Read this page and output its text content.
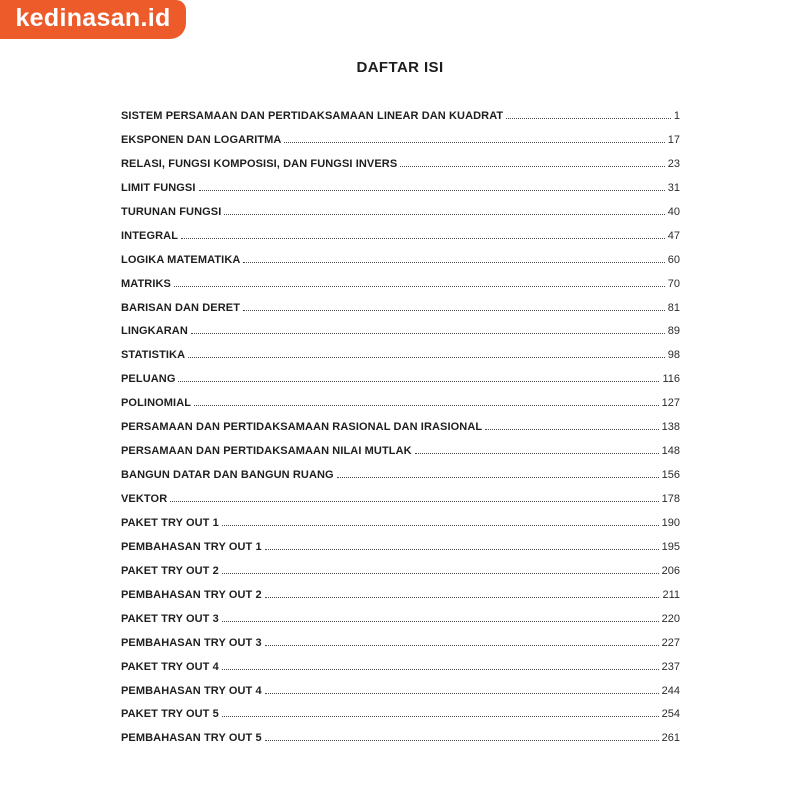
kedinasan.id
DAFTAR ISI
SISTEM PERSAMAAN DAN PERTIDAKSAMAAN LINEAR DAN KUADRAT	1
EKSPONEN DAN LOGARITMA	17
RELASI, FUNGSI KOMPOSISI, DAN FUNGSI INVERS	23
LIMIT FUNGSI	31
TURUNAN FUNGSI	40
INTEGRAL	47
LOGIKA MATEMATIKA	60
MATRIKS	70
BARISAN DAN DERET	81
LINGKARAN	89
STATISTIKA	98
PELUANG	116
POLINOMIAL	127
PERSAMAAN DAN PERTIDAKSAMAAN RASIONAL DAN IRASIONAL	138
PERSAMAAN DAN PERTIDAKSAMAAN NILAI MUTLAK	148
BANGUN DATAR DAN BANGUN RUANG	156
VEKTOR	178
PAKET TRY OUT 1	190
PEMBAHASAN TRY OUT 1	195
PAKET TRY OUT 2	206
PEMBAHASAN TRY OUT 2	211
PAKET TRY OUT 3	220
PEMBAHASAN TRY OUT 3	227
PAKET TRY OUT 4	237
PEMBAHASAN TRY OUT 4	244
PAKET TRY OUT 5	254
PEMBAHASAN TRY OUT 5	261
